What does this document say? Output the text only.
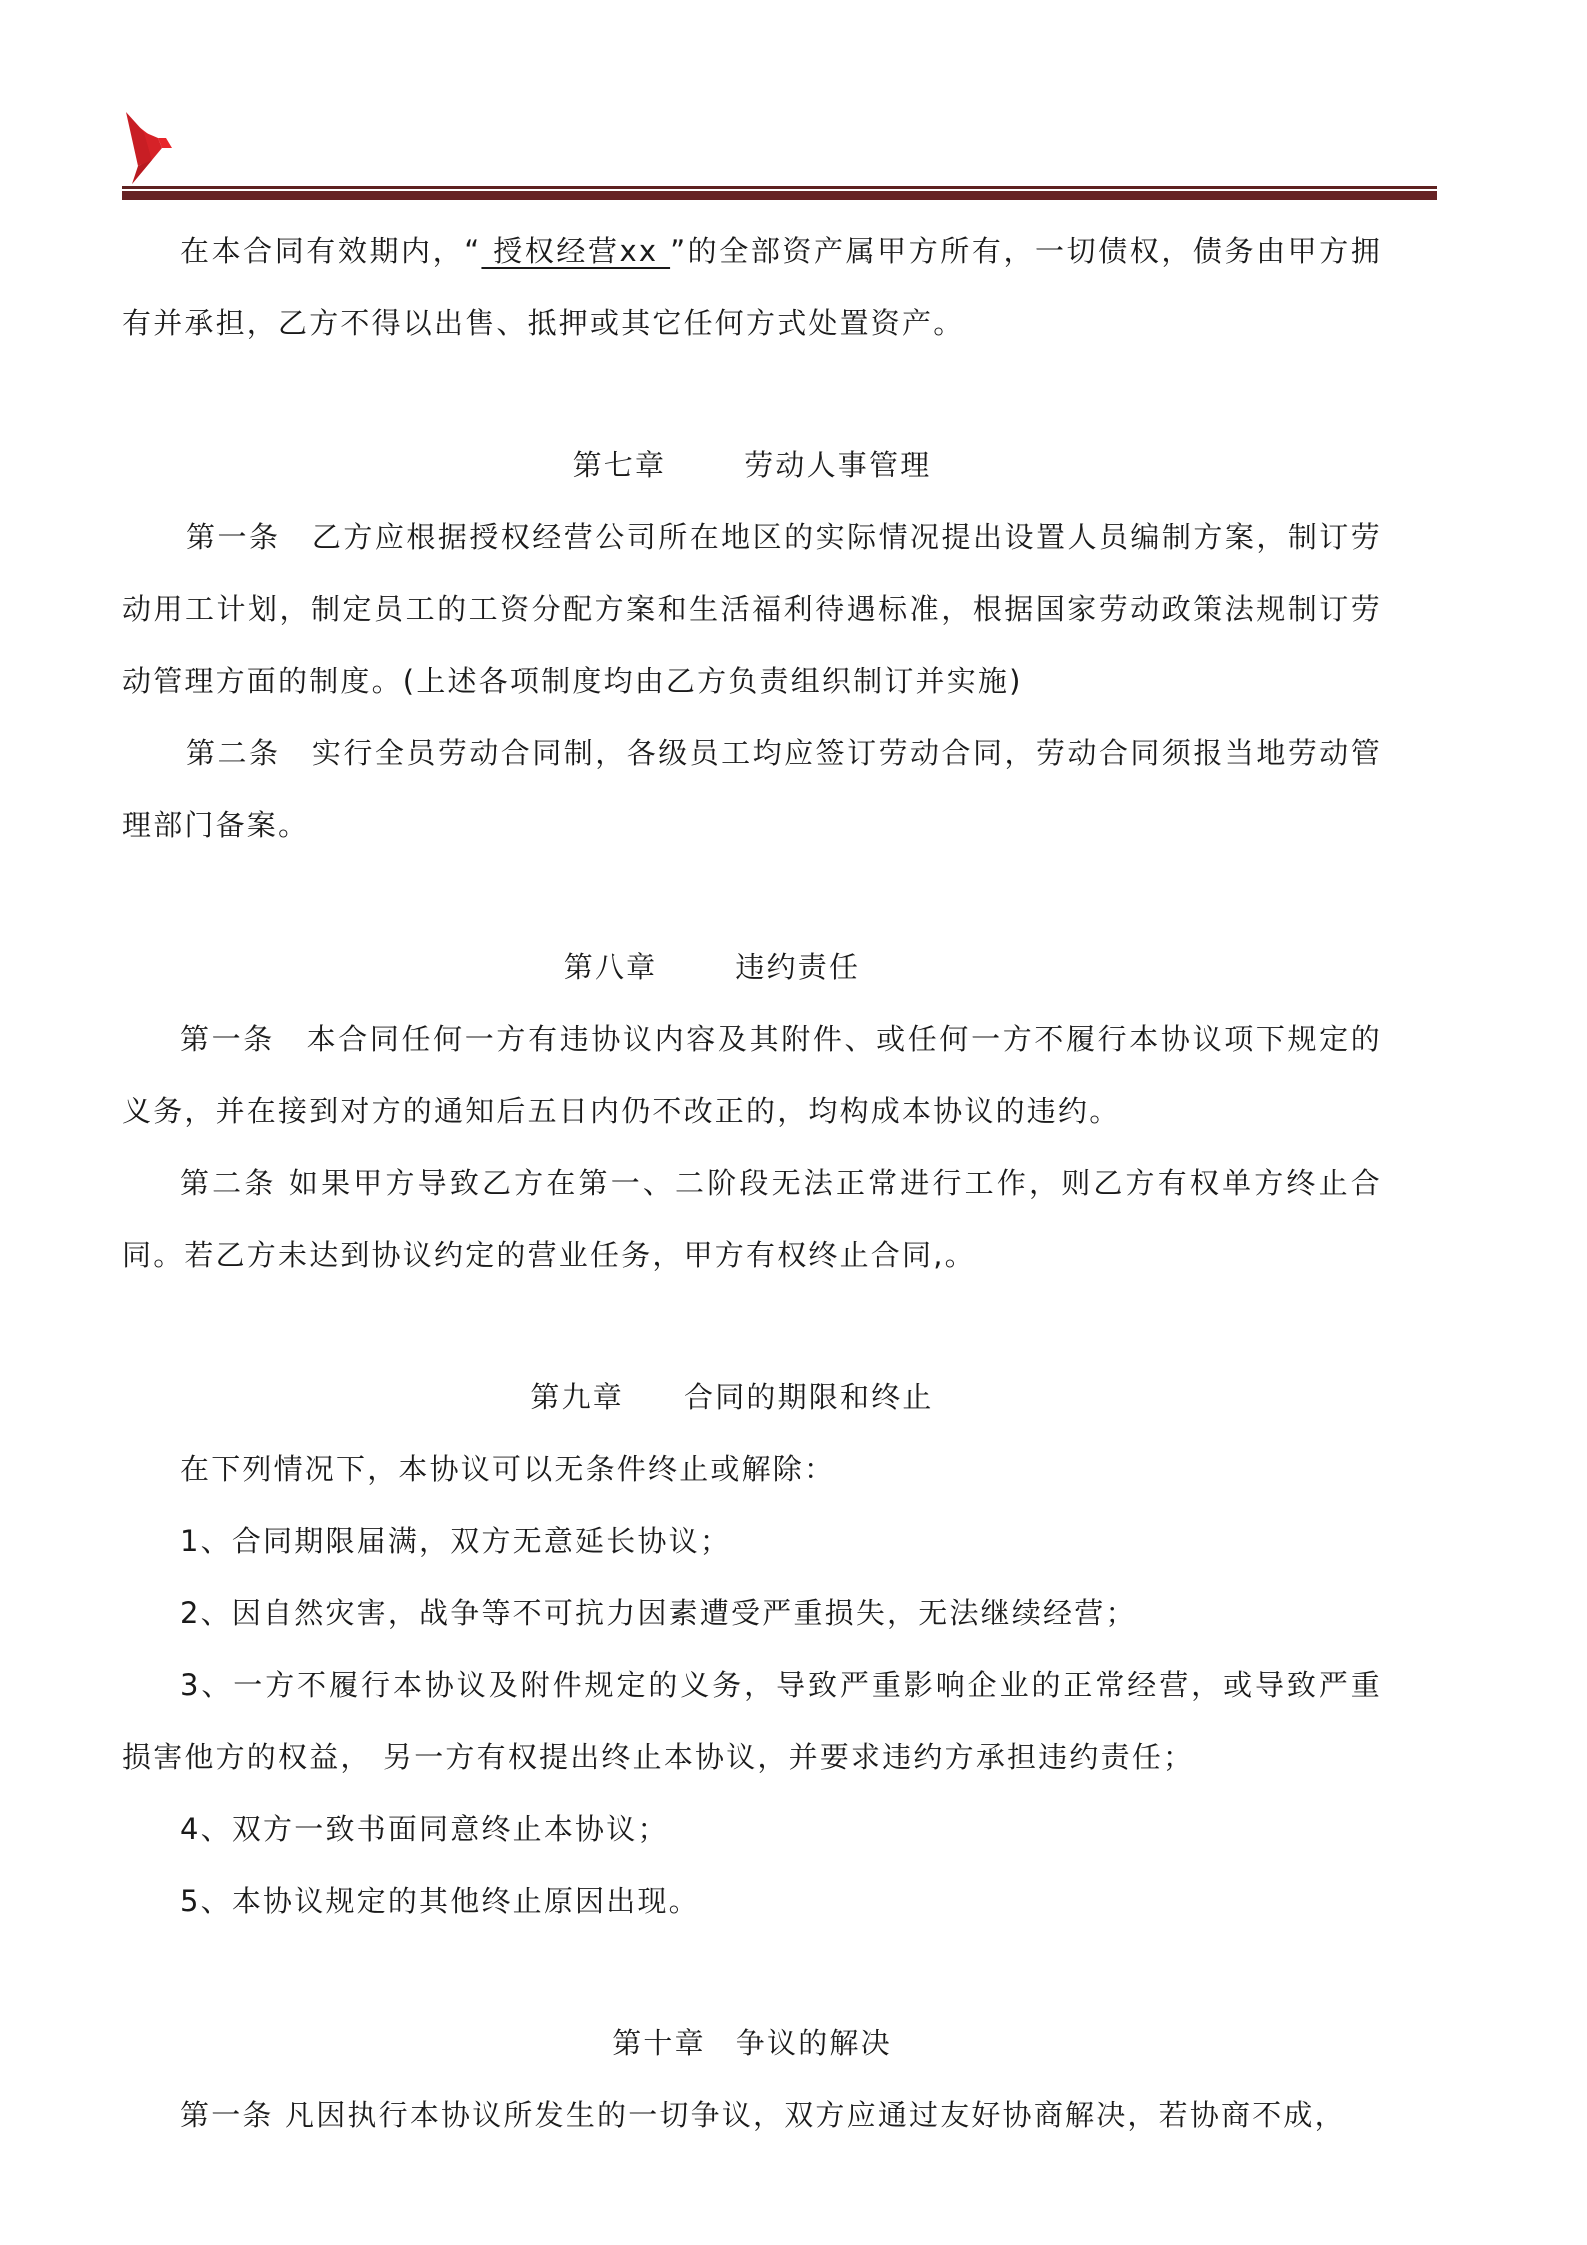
在本合同有效期内，“ 授权经营xx ”的全部资产属甲方所有，一切债权，债务由甲方拥有并承担，乙方不得以出售、抵押或其它任何方式处置资产。

第七章	劳动人事管理

第一条　乙方应根据授权经营公司所在地区的实际情况提出设置人员编制方案，制订劳动用工计划，制定员工的工资分配方案和生活福利待遇标准，根据国家劳动政策法规制订劳动管理方面的制度。(上述各项制度均由乙方负责组织制订并实施)

第二条　实行全员劳动合同制，各级员工均应签订劳动合同，劳动合同须报当地劳动管理部门备案。

第八章	违约责任

第一条　本合同任何一方有违协议内容及其附件、或任何一方不履行本协议项下规定的义务，并在接到对方的通知后五日内仍不改正的，均构成本协议的违约。

第二条 如果甲方导致乙方在第一、二阶段无法正常进行工作，则乙方有权单方终止合同。若乙方未达到协议约定的营业任务，甲方有权终止合同,。

第九章 合同的期限和终止

在下列情况下，本协议可以无条件终止或解除：

1、合同期限届满，双方无意延长协议；

2、因自然灾害，战争等不可抗力因素遭受严重损失，无法继续经营；

3、一方不履行本协议及附件规定的义务，导致严重影响企业的正常经营，或导致严重损害他方的权益， 另一方有权提出终止本协议，并要求违约方承担违约责任；

4、双方一致书面同意终止本协议；

5、本协议规定的其他终止原因出现。

第十章 争议的解决

第一条 凡因执行本协议所发生的一切争议，双方应通过友好协商解决，若协商不成，
